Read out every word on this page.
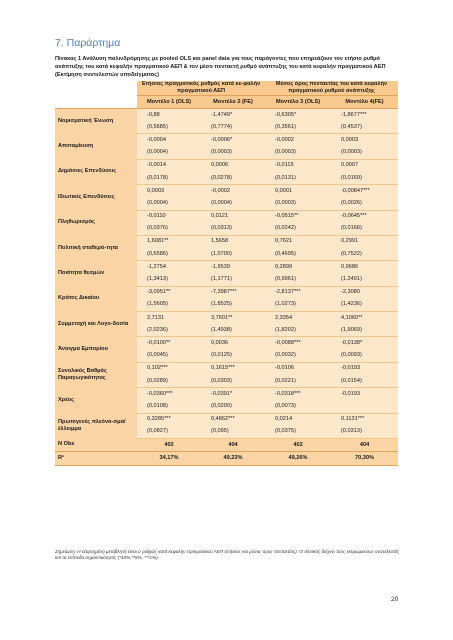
7. Παράρτημα
Πίνακας 1 Ανάλυση παλινδρόμησης με pooled OLS και panel data για τους παράγοντες που επηρεάζουν τον ετήσιο ρυθμό ανάπτυξης του κατά κεφαλήν πραγματικού ΑΕΠ & τον μέσο πενταετή ρυθμό ανάπτυξης του κατά κεφαλήν πραγματικού ΑΕΠ (Εκτίμηση συντελεστών υποδείγματος)
	Ετήσιος πραγματικός ρυθμός κατά κε-φαλήν πραγματικού ΑΕΠ		Μέσος όρος πενταετίας του κατά κεφαλήν πραγματικού ρυθμού ανάπτυξης	
	Μοντέλο 1 (OLS)	Μοντέλο 2 (FE)	Μοντέλο 3 (OLS)	Μοντέλο 4(FE)
Νομισματική Ένωση	-0,88	-1,4749*	-0,6305*	-1,8677***
	(0,5685)	(0,7774)	(0,3561)	(0,4537)
Αποταμίευση	-0,0004	-0,0006*	-0,0002	0,0003
	(0,0004)	(0,0003)	(0,0003)	(0,0003)
Δημόσιες Επενδύσεις	-0,0014	0,0006	-0,0115	0,0007
	(0,0178)	(0,0278)	(0,0131)	(0,0169)
Ιδιωτικές Επενδύσεις	0,0003	-0,0002	0,0001	-0,00847***
	(0,0004)	(0,0004)	(0,0003)	(0,0026)
Πληθωρισμός	-0,0110	0,0121	-0,0515**	-0,0645***
	(0,0376)	(0,0313)	(0,0242)	(0,0166)
Πολιτική σταθερό-τητα	1,6081**	1,5658	0,7621	0,2991
	(0,6586)	(1,0700)	(0,4695)	(0,7522)
Ποιότητα θεσμών	-1,2754	-1,9539	0,2899	0,9686
	(1,3413)	(1,1771)	(0,9961)	(1,2491)
Κράτος Δικαίου	-3,0951**	-7,3987***	-2,8137***	-2,3080
	(1,5605)	(1,8525)	(1,0273)	(1,4236)
Συμμετοχή και Λογο-δοσία	2,7131	3,7601**	2,3354	4,1060**
	(2,0236)	(1,4938)	(1,8202)	(1,9069)
Άνοιγμα Εμπορίου	-0,0100**	0,0036	-0,0088***	-0,0138*
	(0,0045)	(0,0125)	(0,0032)	(0,0093)
Συνολικός Βαθμός Παραγωγικότητας	0,102***	0,1615***	-0,0106	-0,0193
	(0,0289)	(0,0303)	(0,0221)	(0,0154)
Χρέος	-0,0360***	-0,0391*	-0,0318***	-0,0193
	(0,0108)	(0,0200)	(0,0073)	
Πρωτογενές πλεόνα-σμα/έλλειμμα	0,3285***	0,4862***	0,0214	0,1131***
	(0,0827)	(0,095)	(0,0375)	(0,0313)
N Obs	402	404	402	404
R²	34,17%	49,23%	49,26%	70,30%
Σημείωση: Η εξαρτημένη μεταβλητή είναι ο ρυθμός κατά κεφαλήν πραγματικού ΑΕΠ (ετήσιος και μέσος όρος πενταετίας). Ο πίνακας δείχνει τους εκτιμώμενους συντελεστές και τα επίπεδα σημαντικότητας (*10%,**5%, ***1%).
20
